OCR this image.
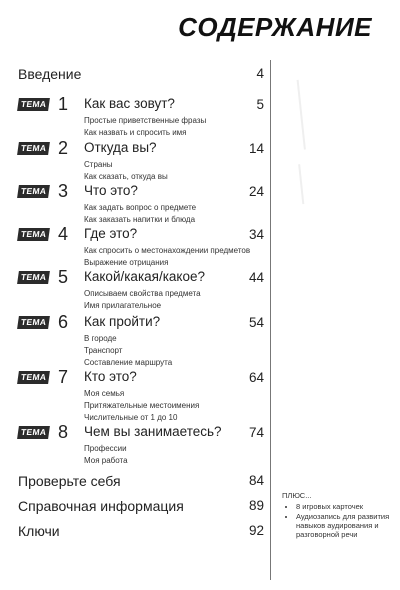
СОДЕРЖАНИЕ
Введение	4
ТЕМА 1 Как вас зовут?	5
Простые приветственные фразы
Как назвать и спросить имя
ТЕМА 2 Откуда вы?	14
Страны
Как сказать, откуда вы
ТЕМА 3 Что это?	24
Как задать вопрос о предмете
Как заказать напитки и блюда
ТЕМА 4 Где это?	34
Как спросить о местонахождении предметов
Выражение отрицания
ТЕМА 5 Какой/какая/какое?	44
Описываем свойства предмета
Имя прилагательное
ТЕМА 6 Как пройти?	54
В городе
Транспорт
Составление маршрута
ТЕМА 7 Кто это?	64
Моя семья
Притяжательные местоимения
Числительные от 1 до 10
ТЕМА 8 Чем вы занимаетесь?	74
Профессии
Моя работа
Проверьте себя	84
Справочная информация	89
Ключи	92
ПЛЮС...
• 8 игровых карточек
• Аудиозапись для развития навыков аудирования и разговорной речи
